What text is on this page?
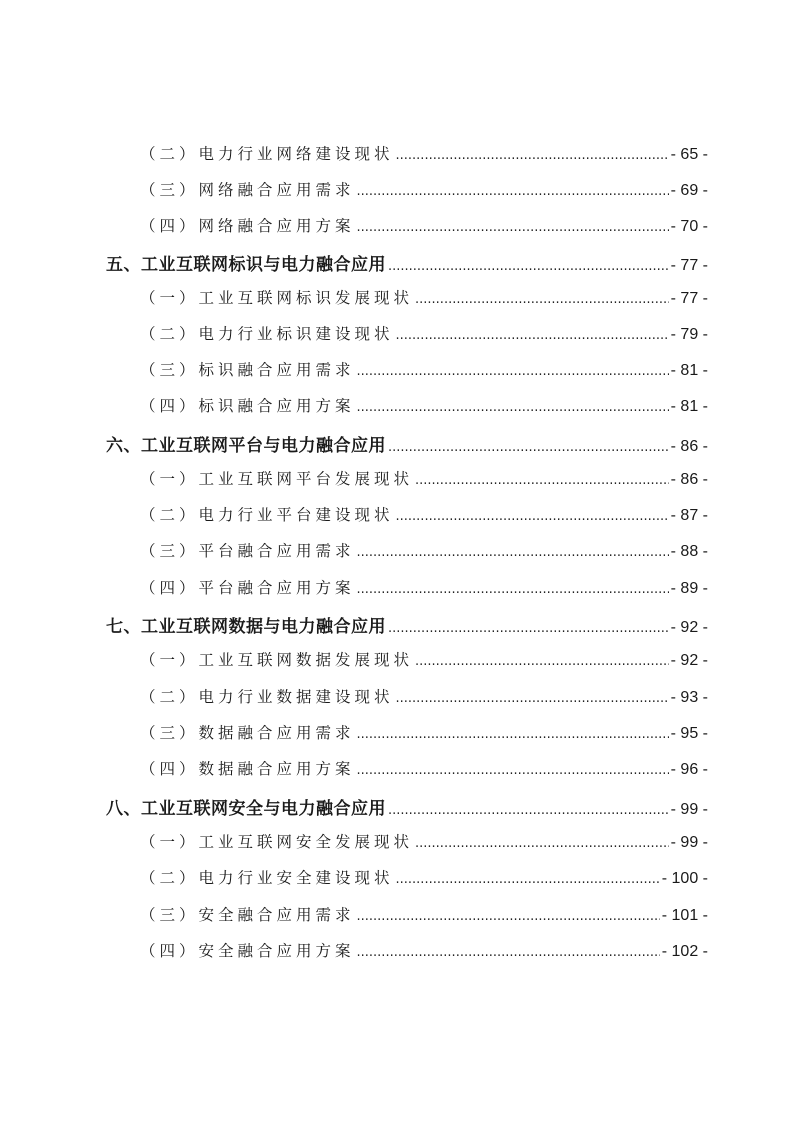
（二）电力行业网络建设现状 .....	- 65 -
（三）网络融合应用需求 .....	- 69 -
（四）网络融合应用方案 .....	- 70 -
五、工业互联网标识与电力融合应用 .....	- 77 -
（一）工业互联网标识发展现状 .....	- 77 -
（二）电力行业标识建设现状 .....	- 79 -
（三）标识融合应用需求 .....	- 81 -
（四）标识融合应用方案 .....	- 81 -
六、工业互联网平台与电力融合应用 .....	- 86 -
（一）工业互联网平台发展现状 .....	- 86 -
（二）电力行业平台建设现状 .....	- 87 -
（三）平台融合应用需求 .....	- 88 -
（四）平台融合应用方案 .....	- 89 -
七、工业互联网数据与电力融合应用 .....	- 92 -
（一）工业互联网数据发展现状 .....	- 92 -
（二）电力行业数据建设现状 .....	- 93 -
（三）数据融合应用需求 .....	- 95 -
（四）数据融合应用方案 .....	- 96 -
八、工业互联网安全与电力融合应用 .....	- 99 -
（一）工业互联网安全发展现状 .....	- 99 -
（二）电力行业安全建设现状 .....	- 100 -
（三）安全融合应用需求 .....	- 101 -
（四）安全融合应用方案 .....	- 102 -
